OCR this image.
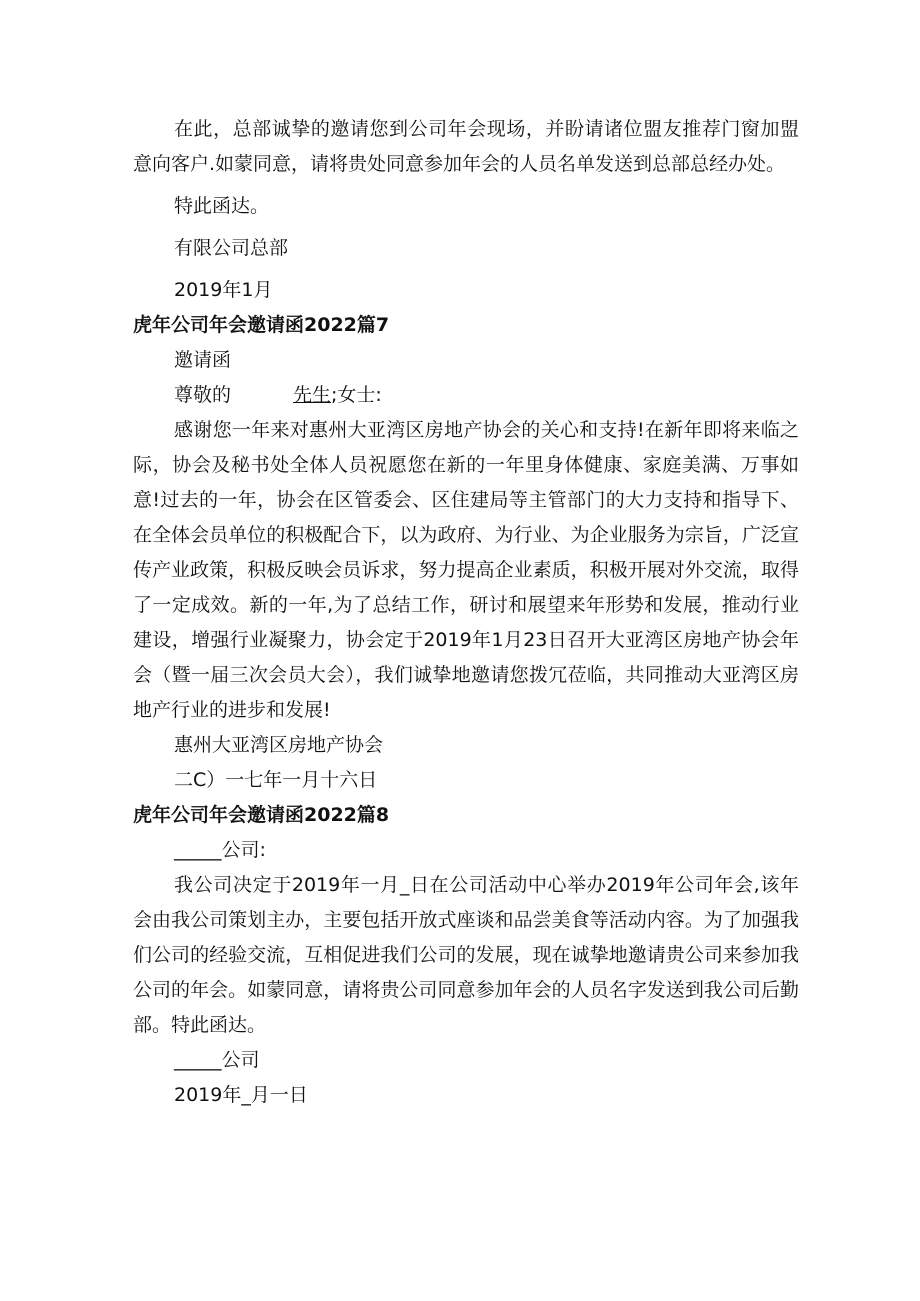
在此，总部诚挚的邀请您到公司年会现场，并盼请诸位盟友推荐门窗加盟意向客户.如蒙同意，请将贵处同意参加年会的人员名单发送到总部总经办处。

特此函达。

有限公司总部

2019年1月

虎年公司年会邀请函2022篇7

邀请函

尊敬的	先生;女士:

感谢您一年来对惠州大亚湾区房地产协会的关心和支持!在新年即将来临之际，协会及秘书处全体人员祝愿您在新的一年里身体健康、家庭美满、万事如意!过去的一年，协会在区管委会、区住建局等主管部门的大力支持和指导下、在全体会员单位的积极配合下，以为政府、为行业、为企业服务为宗旨，广泛宣传产业政策，积极反映会员诉求，努力提高企业素质，积极开展对外交流，取得了一定成效。新的一年,为了总结工作，研讨和展望来年形势和发展，推动行业建设，增强行业凝聚力，协会定于2019年1月23日召开大亚湾区房地产协会年会（暨一届三次会员大会），我们诚挚地邀请您拨冗莅临，共同推动大亚湾区房地产行业的进步和发展!

惠州大亚湾区房地产协会

二C）一七年一月十六日

虎年公司年会邀请函2022篇8

_____公司:

我公司决定于2019年一月_日在公司活动中心举办2019年公司年会,该年会由我公司策划主办，主要包括开放式座谈和品尝美食等活动内容。为了加强我们公司的经验交流，互相促进我们公司的发展，现在诚挚地邀请贵公司来参加我公司的年会。如蒙同意，请将贵公司同意参加年会的人员名字发送到我公司后勤部。特此函达。

_____公司

2019年_月一日
